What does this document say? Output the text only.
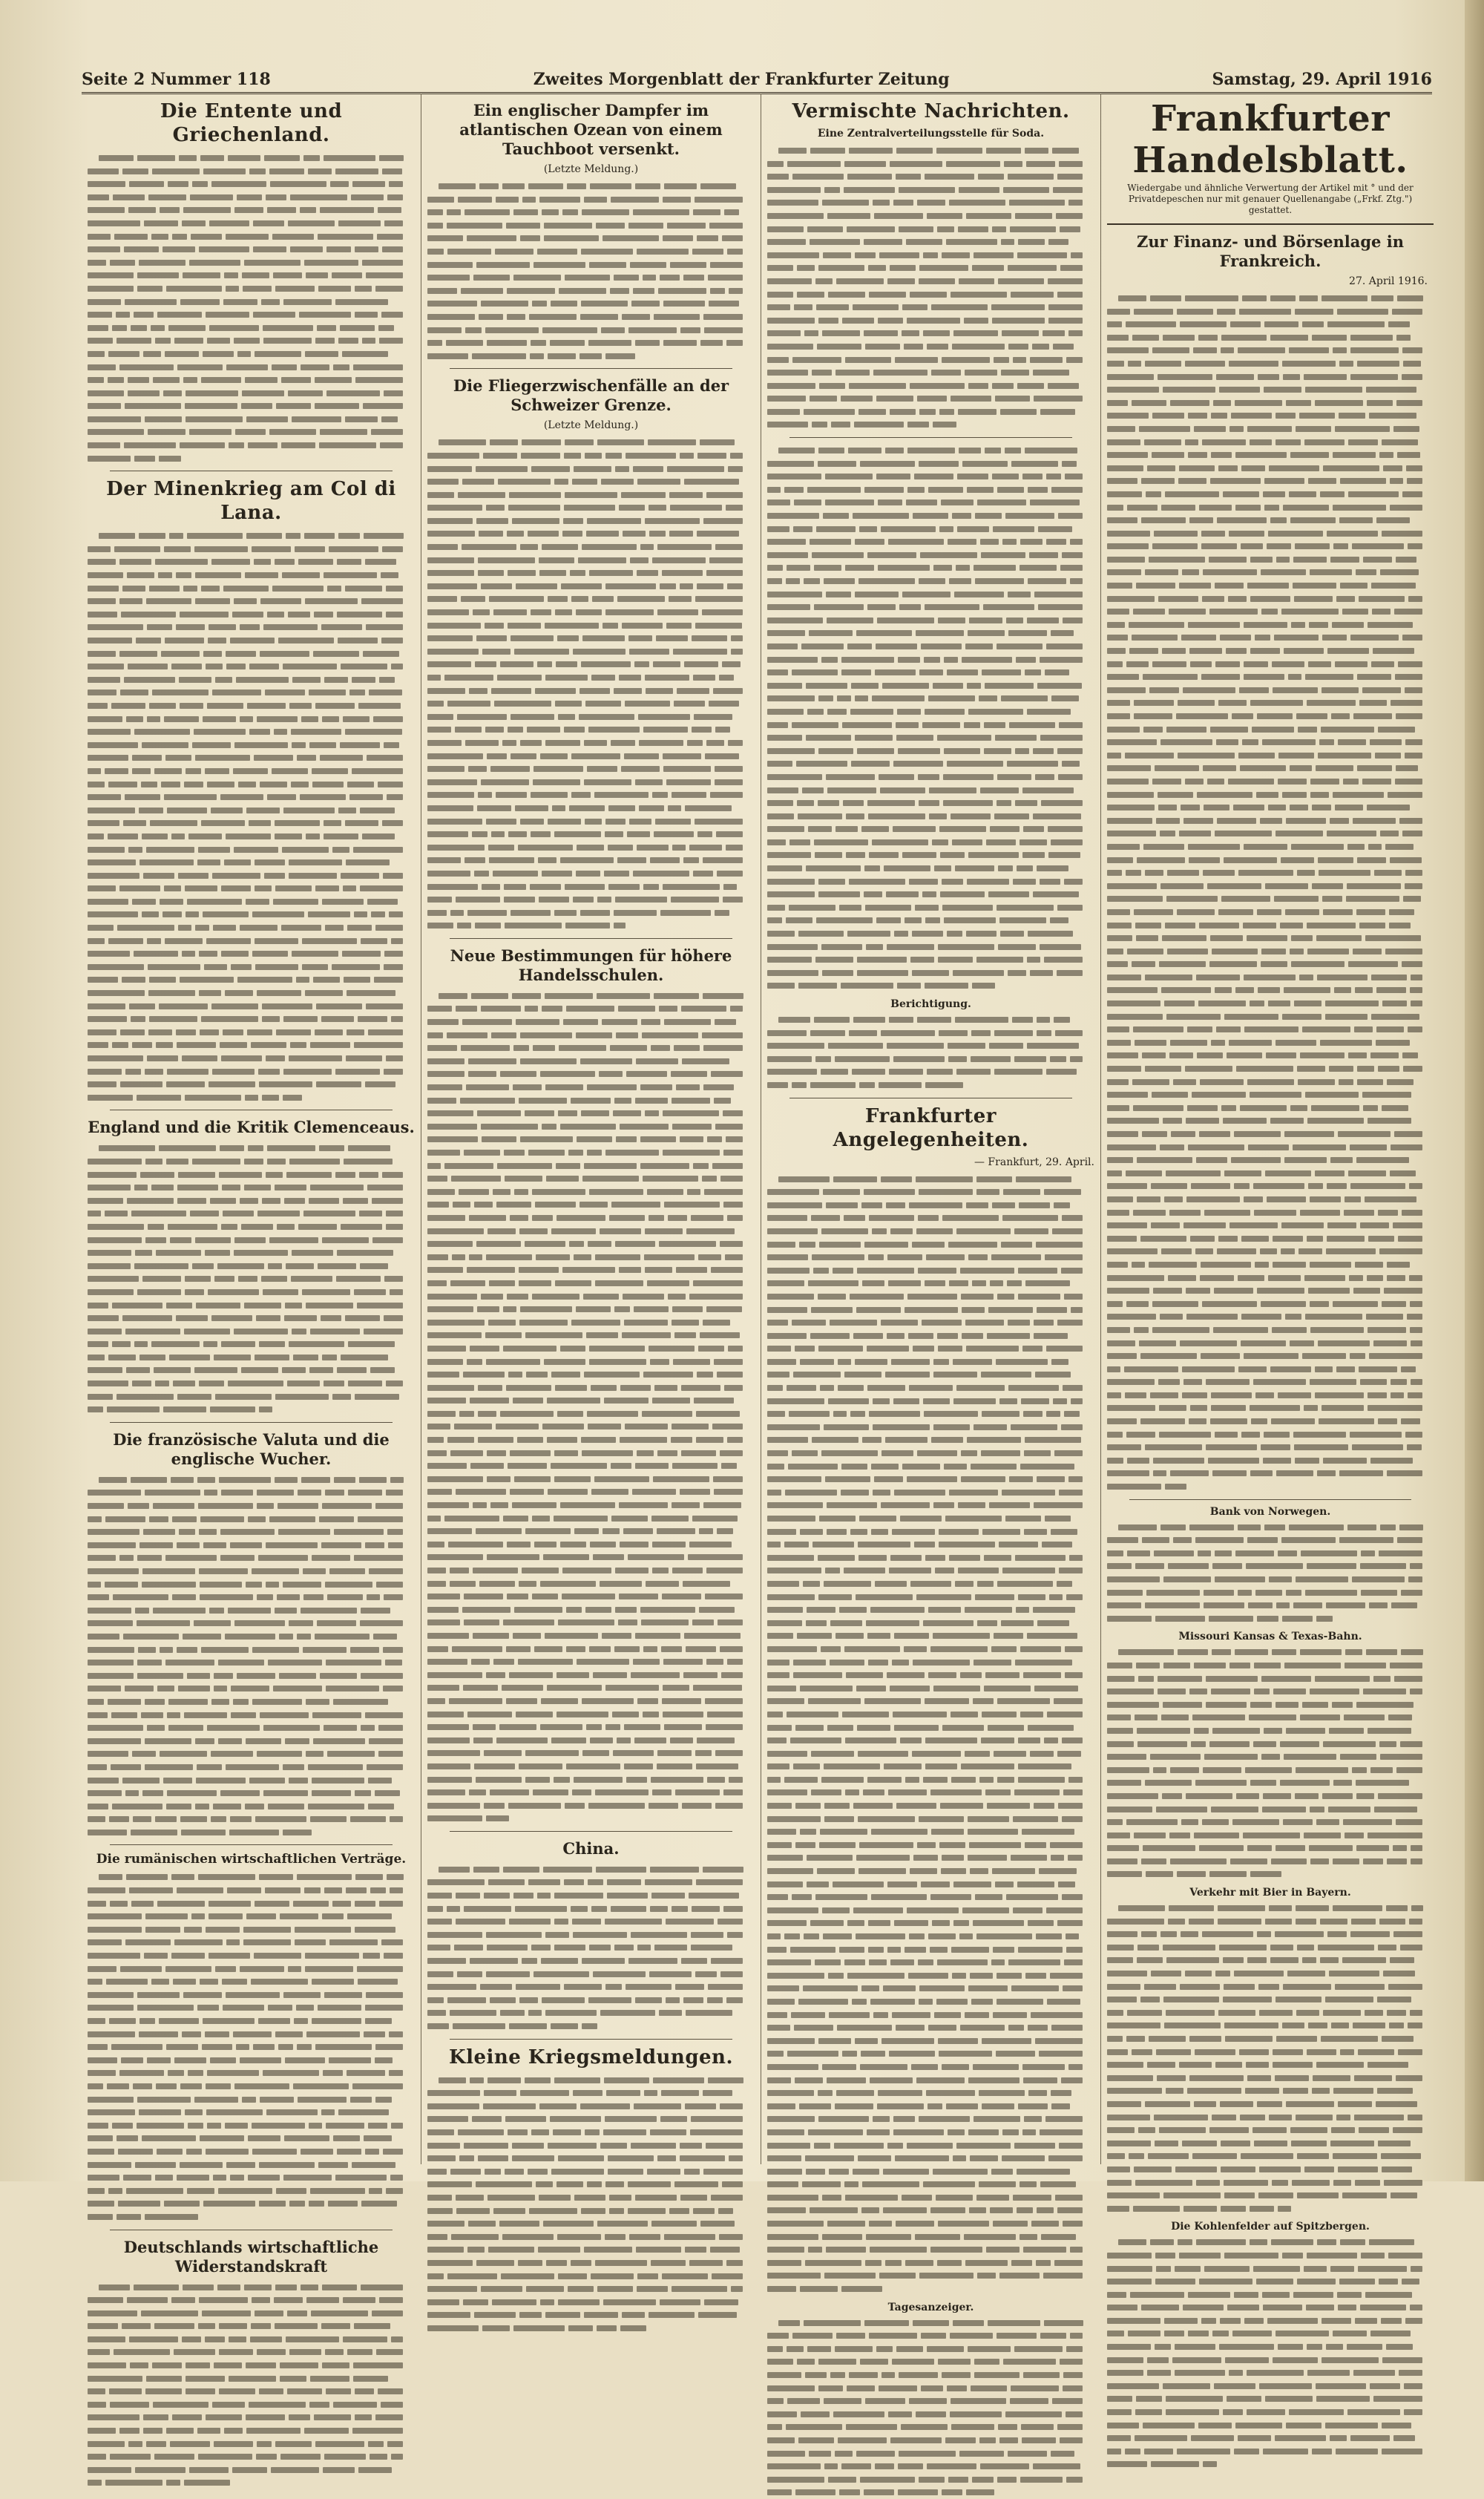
Seite 2 Nummer 118	Zweites Morgenblatt der Frankfurter Zeitung	Samstag, 29. April 1916
Die Entente und Griechenland.
Der Minenkrieg am Col di Lana.
England und die Kritik Clemenceaus.
Die französische Valuta und die englische Wucher.
Die rumänischen wirtschaftlichen Verträge.
Deutschlands wirtschaftliche Widerstandskraft
Ein englischer Dampfer im atlantischen Ozean von einem Tauchboot versenkt.
(Letzte Meldung.)
Die Fliegerzwischenfälle an der Schweizer Grenze.
(Letzte Meldung.)
Neue Bestimmungen für höhere Handelsschulen.
China.
Kleine Kriegsmeldungen.
Vermischte Nachrichten.
Eine Zentralverteilungsstelle für Soda.
Berichtigung.
Frankfurter Angelegenheiten.
— Frankfurt, 29. April.
Tagesanzeiger.
Frankfurter Handelsblatt.
Wiedergabe und ähnliche Verwertung der Artikel mit ° und der Privatdepeschen nur mit genauer Quellenangabe („Frkf. Ztg.") gestattet.
Zur Finanz- und Börsenlage in Frankreich.
27. April 1916.
Bank von Norwegen.
Missouri Kansas & Texas-Bahn.
Verkehr mit Bier in Bayern.
Die Kohlenfelder auf Spitzbergen.
